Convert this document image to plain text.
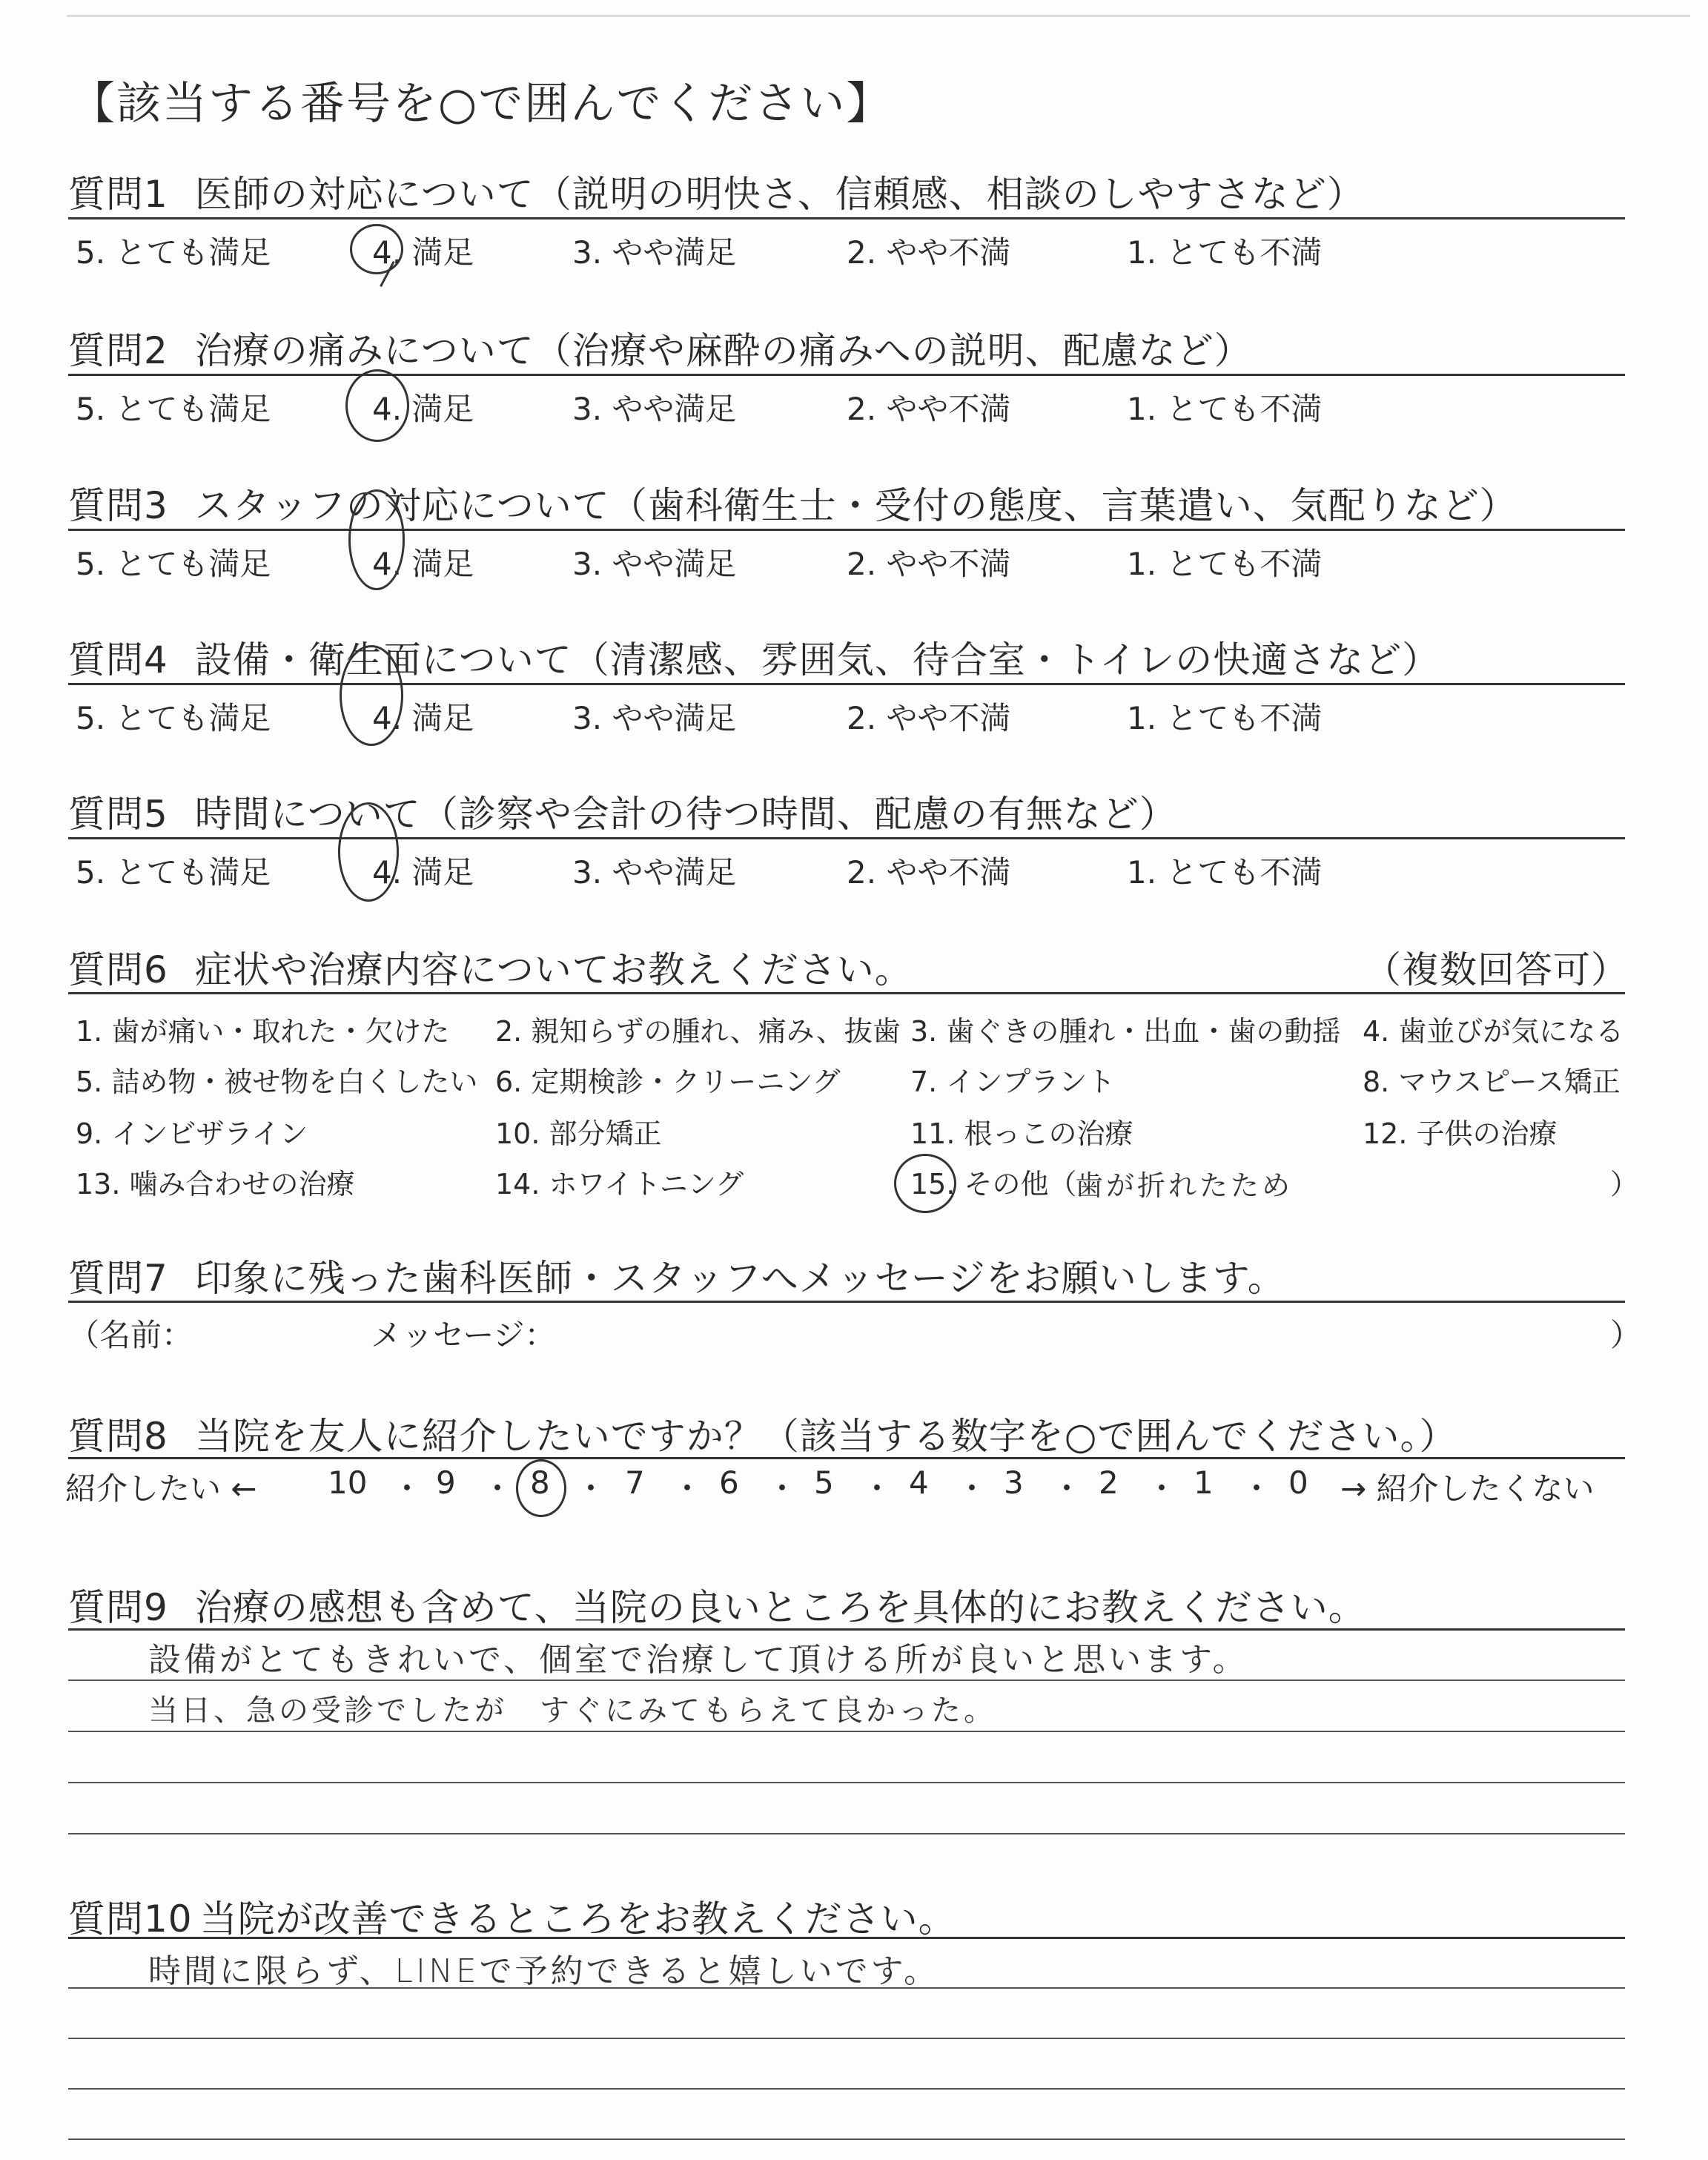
【該当する番号を○で囲んでください】
質問1 医師の対応について（説明の明快さ、信頼感、相談のしやすさなど）
5. とても満足	4. 満足	3. やや満足	2. やや不満	1. とても不満
質問2 治療の痛みについて（治療や麻酔の痛みへの説明、配慮など）
5. とても満足	4. 満足	3. やや満足	2. やや不満	1. とても不満
質問3 スタッフの対応について（歯科衛生士・受付の態度、言葉遣い、気配りなど）
5. とても満足	4. 満足	3. やや満足	2. やや不満	1. とても不満
質問4 設備・衛生面について（清潔感、雰囲気、待合室・トイレの快適さなど）
5. とても満足	4. 満足	3. やや満足	2. やや不満	1. とても不満
質問5 時間について（診察や会計の待つ時間、配慮の有無など）
5. とても満足	4. 満足	3. やや満足	2. やや不満	1. とても不満
質問6 症状や治療内容についてお教えください。	（複数回答可）
1. 歯が痛い・取れた・欠けた 2. 親知らずの腫れ、痛み、抜歯 3. 歯ぐきの腫れ・出血・歯の動揺 4. 歯並びが気になる
5. 詰め物・被せ物を白くしたい 6. 定期検診・クリーニング 7. インプラント	8. マウスピース矯正
9. インビザライン	10. 部分矯正	11. 根っこの治療	12. 子供の治療
13. 噛み合わせの治療	14. ホワイトニング	15. その他（
歯が折れたため	）
質問7 印象に残った歯科医師・スタッフへメッセージをお願いします。
（名前：	メッセージ：	）
質問8 当院を友人に紹介したいですか？（該当する数字を○で囲んでください。）
紹介したい ← 10 ・ 9 ・ 8 ・ 7 ・ 6 ・ 5 ・ 4 ・ 3 ・ 2 ・ 1 ・ 0 → 紹介したくない
質問9 治療の感想も含めて、当院の良いところを具体的にお教えください。
設備がとてもきれいで、個室で治療して頂ける所が良いと思います。
当日、急の受診でしたが　すぐにみてもらえて良かった。
質問10 当院が改善できるところをお教えください。
時間に限らず、LINEで予約できると嬉しいです。
